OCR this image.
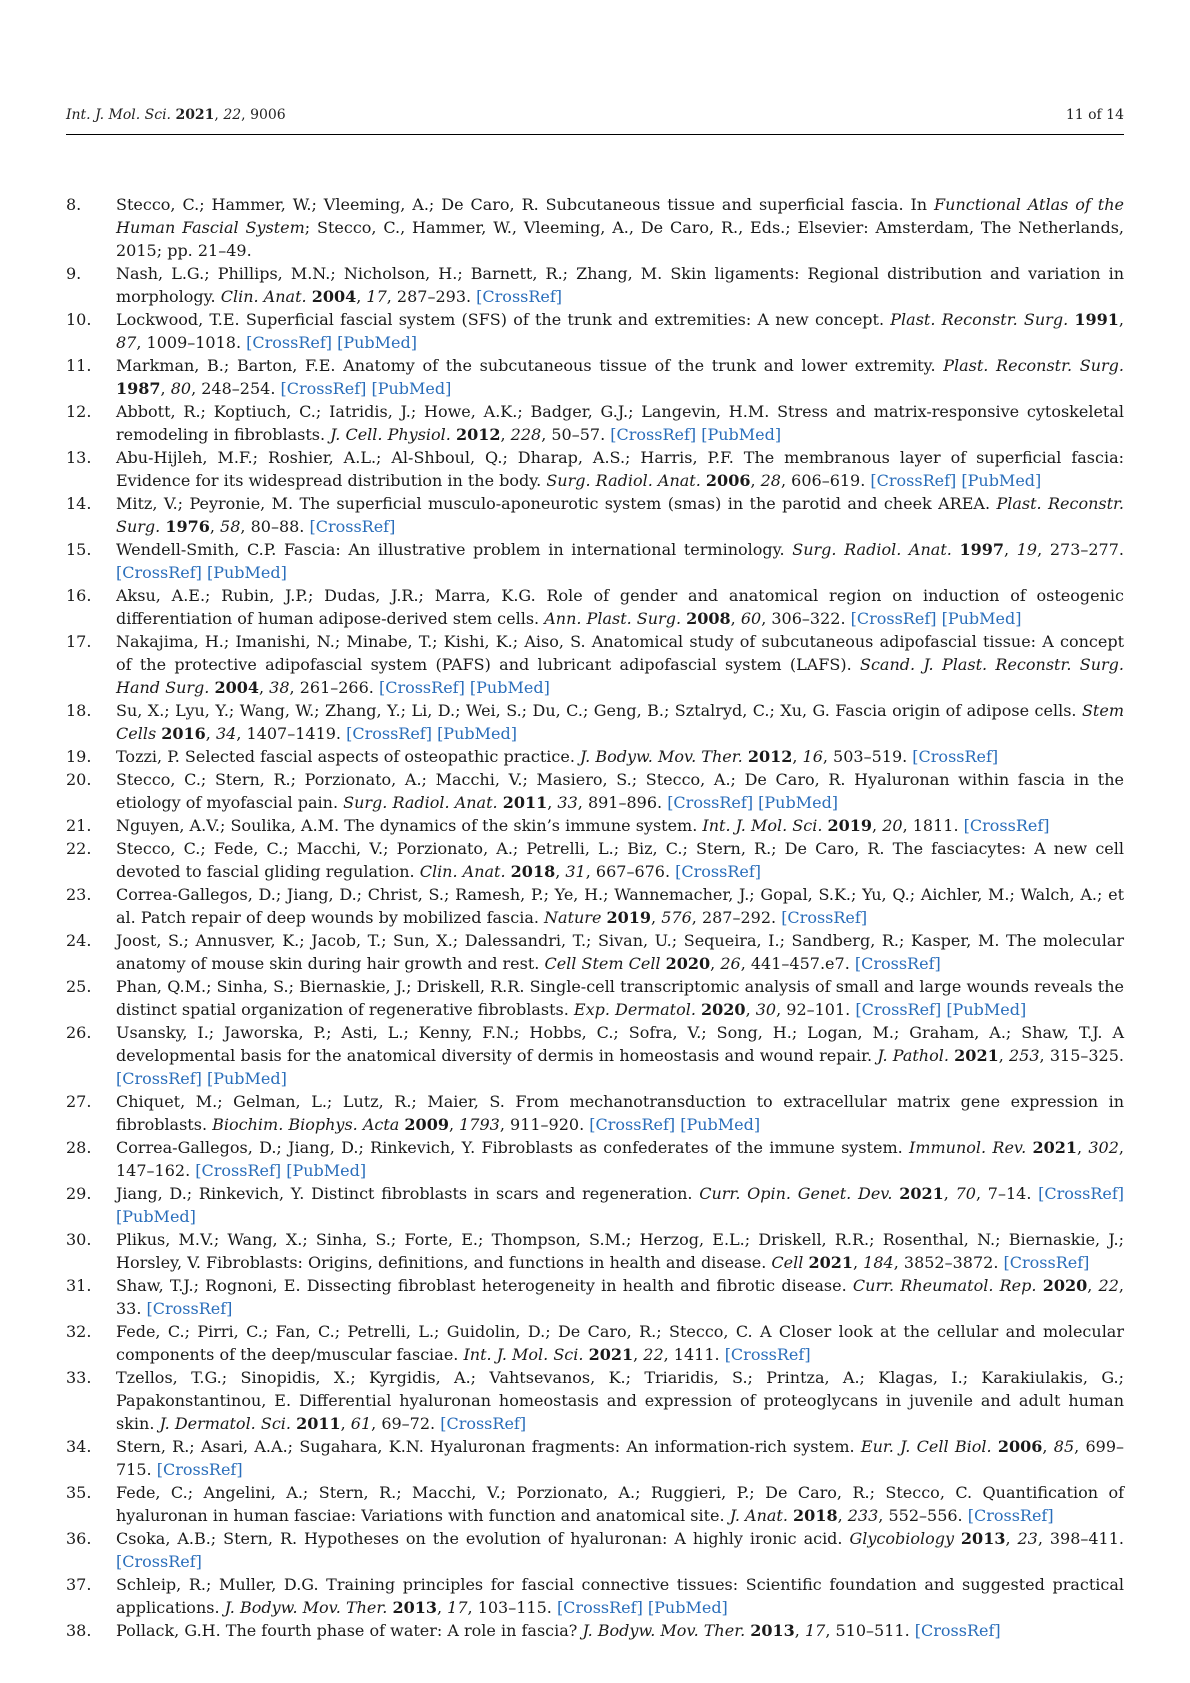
Int. J. Mol. Sci. 2021, 22, 9006	11 of 14
8.	Stecco, C.; Hammer, W.; Vleeming, A.; De Caro, R. Subcutaneous tissue and superficial fascia. In Functional Atlas of the Human Fascial System; Stecco, C., Hammer, W., Vleeming, A., De Caro, R., Eds.; Elsevier: Amsterdam, The Netherlands, 2015; pp. 21–49.
9.	Nash, L.G.; Phillips, M.N.; Nicholson, H.; Barnett, R.; Zhang, M. Skin ligaments: Regional distribution and variation in morphology. Clin. Anat. 2004, 17, 287–293. [CrossRef]
10.	Lockwood, T.E. Superficial fascial system (SFS) of the trunk and extremities: A new concept. Plast. Reconstr. Surg. 1991, 87, 1009–1018. [CrossRef] [PubMed]
11.	Markman, B.; Barton, F.E. Anatomy of the subcutaneous tissue of the trunk and lower extremity. Plast. Reconstr. Surg. 1987, 80, 248–254. [CrossRef] [PubMed]
12.	Abbott, R.; Koptiuch, C.; Iatridis, J.; Howe, A.K.; Badger, G.J.; Langevin, H.M. Stress and matrix-responsive cytoskeletal remodeling in fibroblasts. J. Cell. Physiol. 2012, 228, 50–57. [CrossRef] [PubMed]
13.	Abu-Hijleh, M.F.; Roshier, A.L.; Al-Shboul, Q.; Dharap, A.S.; Harris, P.F. The membranous layer of superficial fascia: Evidence for its widespread distribution in the body. Surg. Radiol. Anat. 2006, 28, 606–619. [CrossRef] [PubMed]
14.	Mitz, V.; Peyronie, M. The superficial musculo-aponeurotic system (smas) in the parotid and cheek AREA. Plast. Reconstr. Surg. 1976, 58, 80–88. [CrossRef]
15.	Wendell-Smith, C.P. Fascia: An illustrative problem in international terminology. Surg. Radiol. Anat. 1997, 19, 273–277. [CrossRef] [PubMed]
16.	Aksu, A.E.; Rubin, J.P.; Dudas, J.R.; Marra, K.G. Role of gender and anatomical region on induction of osteogenic differentiation of human adipose-derived stem cells. Ann. Plast. Surg. 2008, 60, 306–322. [CrossRef] [PubMed]
17.	Nakajima, H.; Imanishi, N.; Minabe, T.; Kishi, K.; Aiso, S. Anatomical study of subcutaneous adipofascial tissue: A concept of the protective adipofascial system (PAFS) and lubricant adipofascial system (LAFS). Scand. J. Plast. Reconstr. Surg. Hand Surg. 2004, 38, 261–266. [CrossRef] [PubMed]
18.	Su, X.; Lyu, Y.; Wang, W.; Zhang, Y.; Li, D.; Wei, S.; Du, C.; Geng, B.; Sztalryd, C.; Xu, G. Fascia origin of adipose cells. Stem Cells 2016, 34, 1407–1419. [CrossRef] [PubMed]
19.	Tozzi, P. Selected fascial aspects of osteopathic practice. J. Bodyw. Mov. Ther. 2012, 16, 503–519. [CrossRef]
20.	Stecco, C.; Stern, R.; Porzionato, A.; Macchi, V.; Masiero, S.; Stecco, A.; De Caro, R. Hyaluronan within fascia in the etiology of myofascial pain. Surg. Radiol. Anat. 2011, 33, 891–896. [CrossRef] [PubMed]
21.	Nguyen, A.V.; Soulika, A.M. The dynamics of the skin’s immune system. Int. J. Mol. Sci. 2019, 20, 1811. [CrossRef]
22.	Stecco, C.; Fede, C.; Macchi, V.; Porzionato, A.; Petrelli, L.; Biz, C.; Stern, R.; De Caro, R. The fasciacytes: A new cell devoted to fascial gliding regulation. Clin. Anat. 2018, 31, 667–676. [CrossRef]
23.	Correa-Gallegos, D.; Jiang, D.; Christ, S.; Ramesh, P.; Ye, H.; Wannemacher, J.; Gopal, S.K.; Yu, Q.; Aichler, M.; Walch, A.; et al. Patch repair of deep wounds by mobilized fascia. Nature 2019, 576, 287–292. [CrossRef]
24.	Joost, S.; Annusver, K.; Jacob, T.; Sun, X.; Dalessandri, T.; Sivan, U.; Sequeira, I.; Sandberg, R.; Kasper, M. The molecular anatomy of mouse skin during hair growth and rest. Cell Stem Cell 2020, 26, 441–457.e7. [CrossRef]
25.	Phan, Q.M.; Sinha, S.; Biernaskie, J.; Driskell, R.R. Single-cell transcriptomic analysis of small and large wounds reveals the distinct spatial organization of regenerative fibroblasts. Exp. Dermatol. 2020, 30, 92–101. [CrossRef] [PubMed]
26.	Usansky, I.; Jaworska, P.; Asti, L.; Kenny, F.N.; Hobbs, C.; Sofra, V.; Song, H.; Logan, M.; Graham, A.; Shaw, T.J. A developmental basis for the anatomical diversity of dermis in homeostasis and wound repair. J. Pathol. 2021, 253, 315–325. [CrossRef] [PubMed]
27.	Chiquet, M.; Gelman, L.; Lutz, R.; Maier, S. From mechanotransduction to extracellular matrix gene expression in fibroblasts. Biochim. Biophys. Acta 2009, 1793, 911–920. [CrossRef] [PubMed]
28.	Correa-Gallegos, D.; Jiang, D.; Rinkevich, Y. Fibroblasts as confederates of the immune system. Immunol. Rev. 2021, 302, 147–162. [CrossRef] [PubMed]
29.	Jiang, D.; Rinkevich, Y. Distinct fibroblasts in scars and regeneration. Curr. Opin. Genet. Dev. 2021, 70, 7–14. [CrossRef] [PubMed]
30.	Plikus, M.V.; Wang, X.; Sinha, S.; Forte, E.; Thompson, S.M.; Herzog, E.L.; Driskell, R.R.; Rosenthal, N.; Biernaskie, J.; Horsley, V. Fibroblasts: Origins, definitions, and functions in health and disease. Cell 2021, 184, 3852–3872. [CrossRef]
31.	Shaw, T.J.; Rognoni, E. Dissecting fibroblast heterogeneity in health and fibrotic disease. Curr. Rheumatol. Rep. 2020, 22, 33. [CrossRef]
32.	Fede, C.; Pirri, C.; Fan, C.; Petrelli, L.; Guidolin, D.; De Caro, R.; Stecco, C. A Closer look at the cellular and molecular components of the deep/muscular fasciae. Int. J. Mol. Sci. 2021, 22, 1411. [CrossRef]
33.	Tzellos, T.G.; Sinopidis, X.; Kyrgidis, A.; Vahtsevanos, K.; Triaridis, S.; Printza, A.; Klagas, I.; Karakiulakis, G.; Papakonstantinou, E. Differential hyaluronan homeostasis and expression of proteoglycans in juvenile and adult human skin. J. Dermatol. Sci. 2011, 61, 69–72. [CrossRef]
34.	Stern, R.; Asari, A.A.; Sugahara, K.N. Hyaluronan fragments: An information-rich system. Eur. J. Cell Biol. 2006, 85, 699–715. [CrossRef]
35.	Fede, C.; Angelini, A.; Stern, R.; Macchi, V.; Porzionato, A.; Ruggieri, P.; De Caro, R.; Stecco, C. Quantification of hyaluronan in human fasciae: Variations with function and anatomical site. J. Anat. 2018, 233, 552–556. [CrossRef]
36.	Csoka, A.B.; Stern, R. Hypotheses on the evolution of hyaluronan: A highly ironic acid. Glycobiology 2013, 23, 398–411. [CrossRef]
37.	Schleip, R.; Muller, D.G. Training principles for fascial connective tissues: Scientific foundation and suggested practical applications. J. Bodyw. Mov. Ther. 2013, 17, 103–115. [CrossRef] [PubMed]
38.	Pollack, G.H. The fourth phase of water: A role in fascia? J. Bodyw. Mov. Ther. 2013, 17, 510–511. [CrossRef]
